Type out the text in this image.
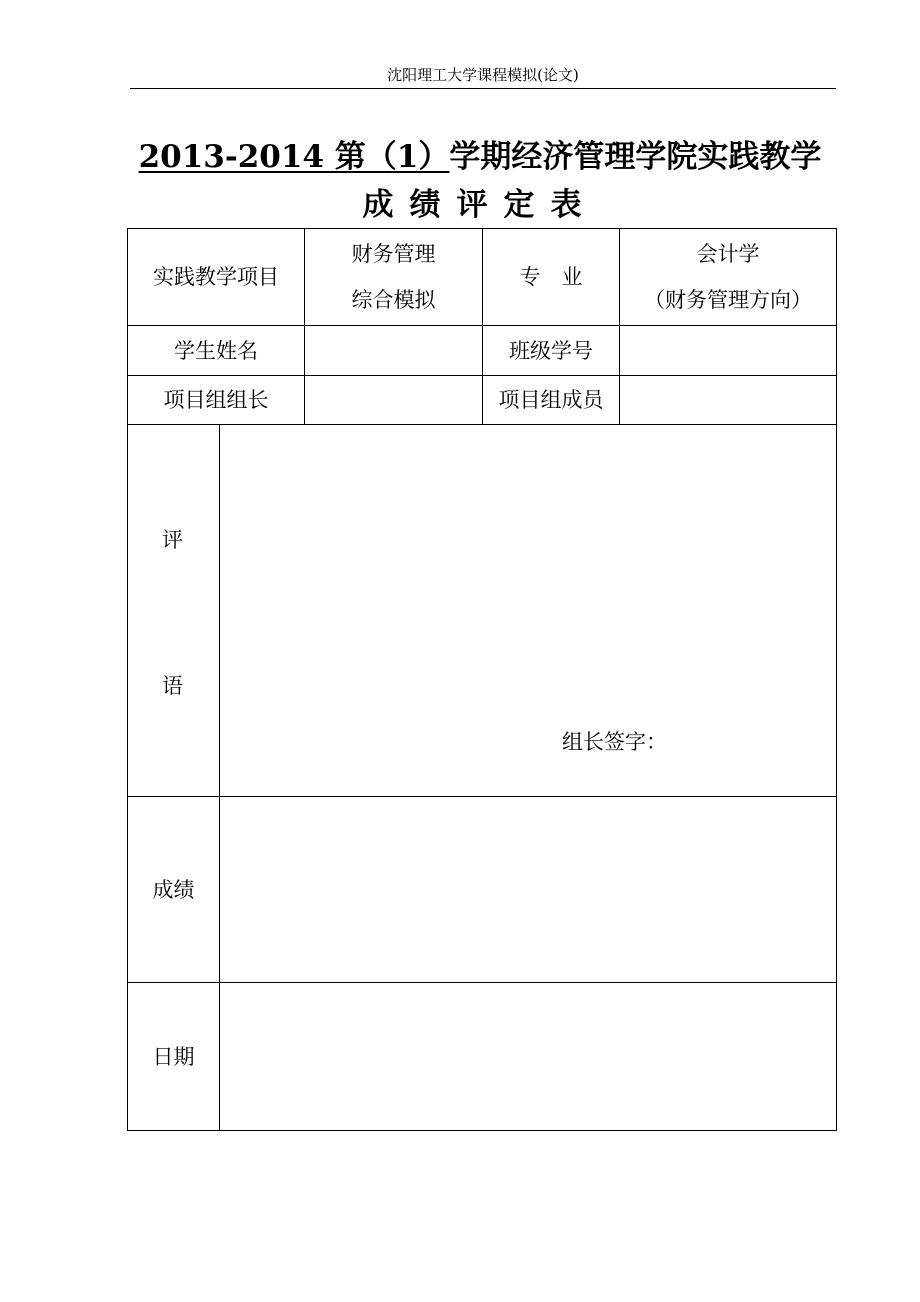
沈阳理工大学课程模拟(论文)
2013-2014 第（1）学期经济管理学院实践教学
成绩评定表
实践教学项目
财务管理
综合模拟
专　业
会计学
（财务管理方向）
学生姓名	班级学号
项目组组长	项目组成员
评
语
组长签字：
成绩
日期
